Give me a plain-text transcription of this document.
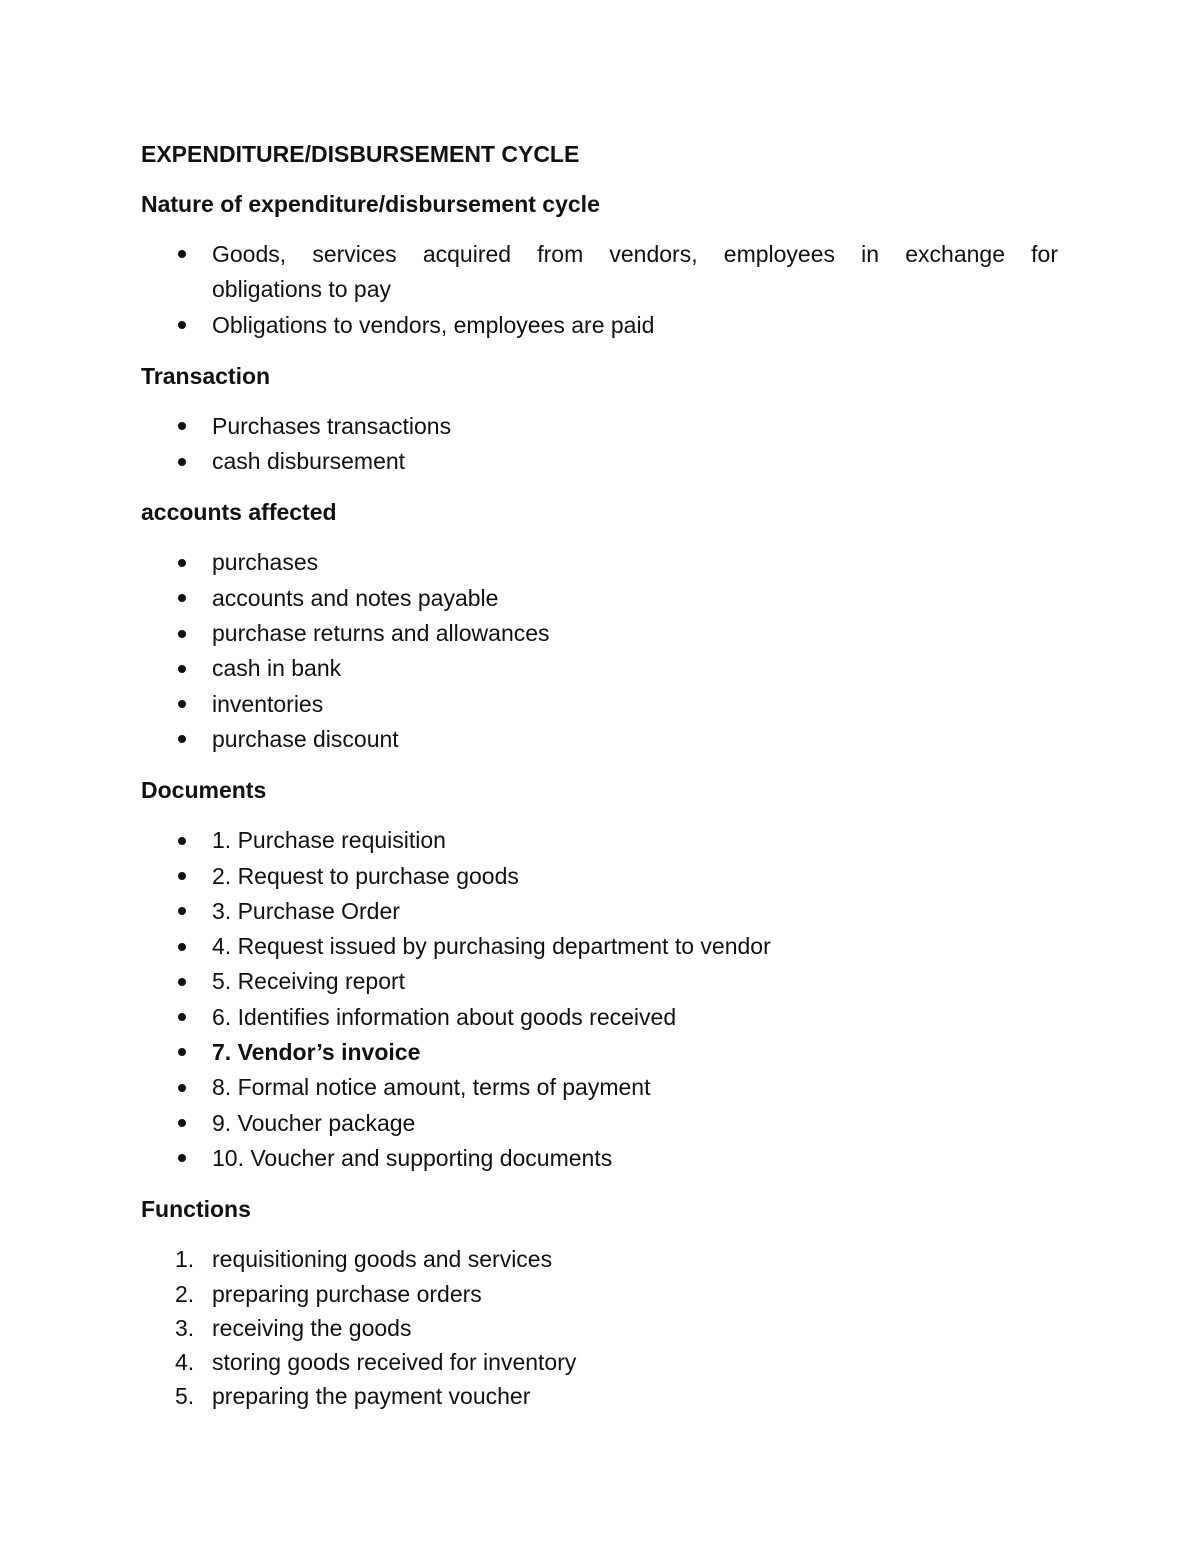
EXPENDITURE/DISBURSEMENT CYCLE
Nature of expenditure/disbursement cycle
Goods, services acquired from vendors, employees in exchange for
obligations to pay
Obligations to vendors, employees are paid
Transaction
Purchases transactions
cash disbursement
accounts affected
purchases
accounts and notes payable
purchase returns and allowances
cash in bank
inventories
purchase discount
Documents
1. Purchase requisition
2. Request to purchase goods
3. Purchase Order
4. Request issued by purchasing department to vendor
5. Receiving report
6. Identifies information about goods received
7. Vendor’s invoice
8. Formal notice amount, terms of payment
9. Voucher package
10. Voucher and supporting documents
Functions
1. requisitioning goods and services
2. preparing purchase orders
3. receiving the goods
4. storing goods received for inventory
5. preparing the payment voucher
